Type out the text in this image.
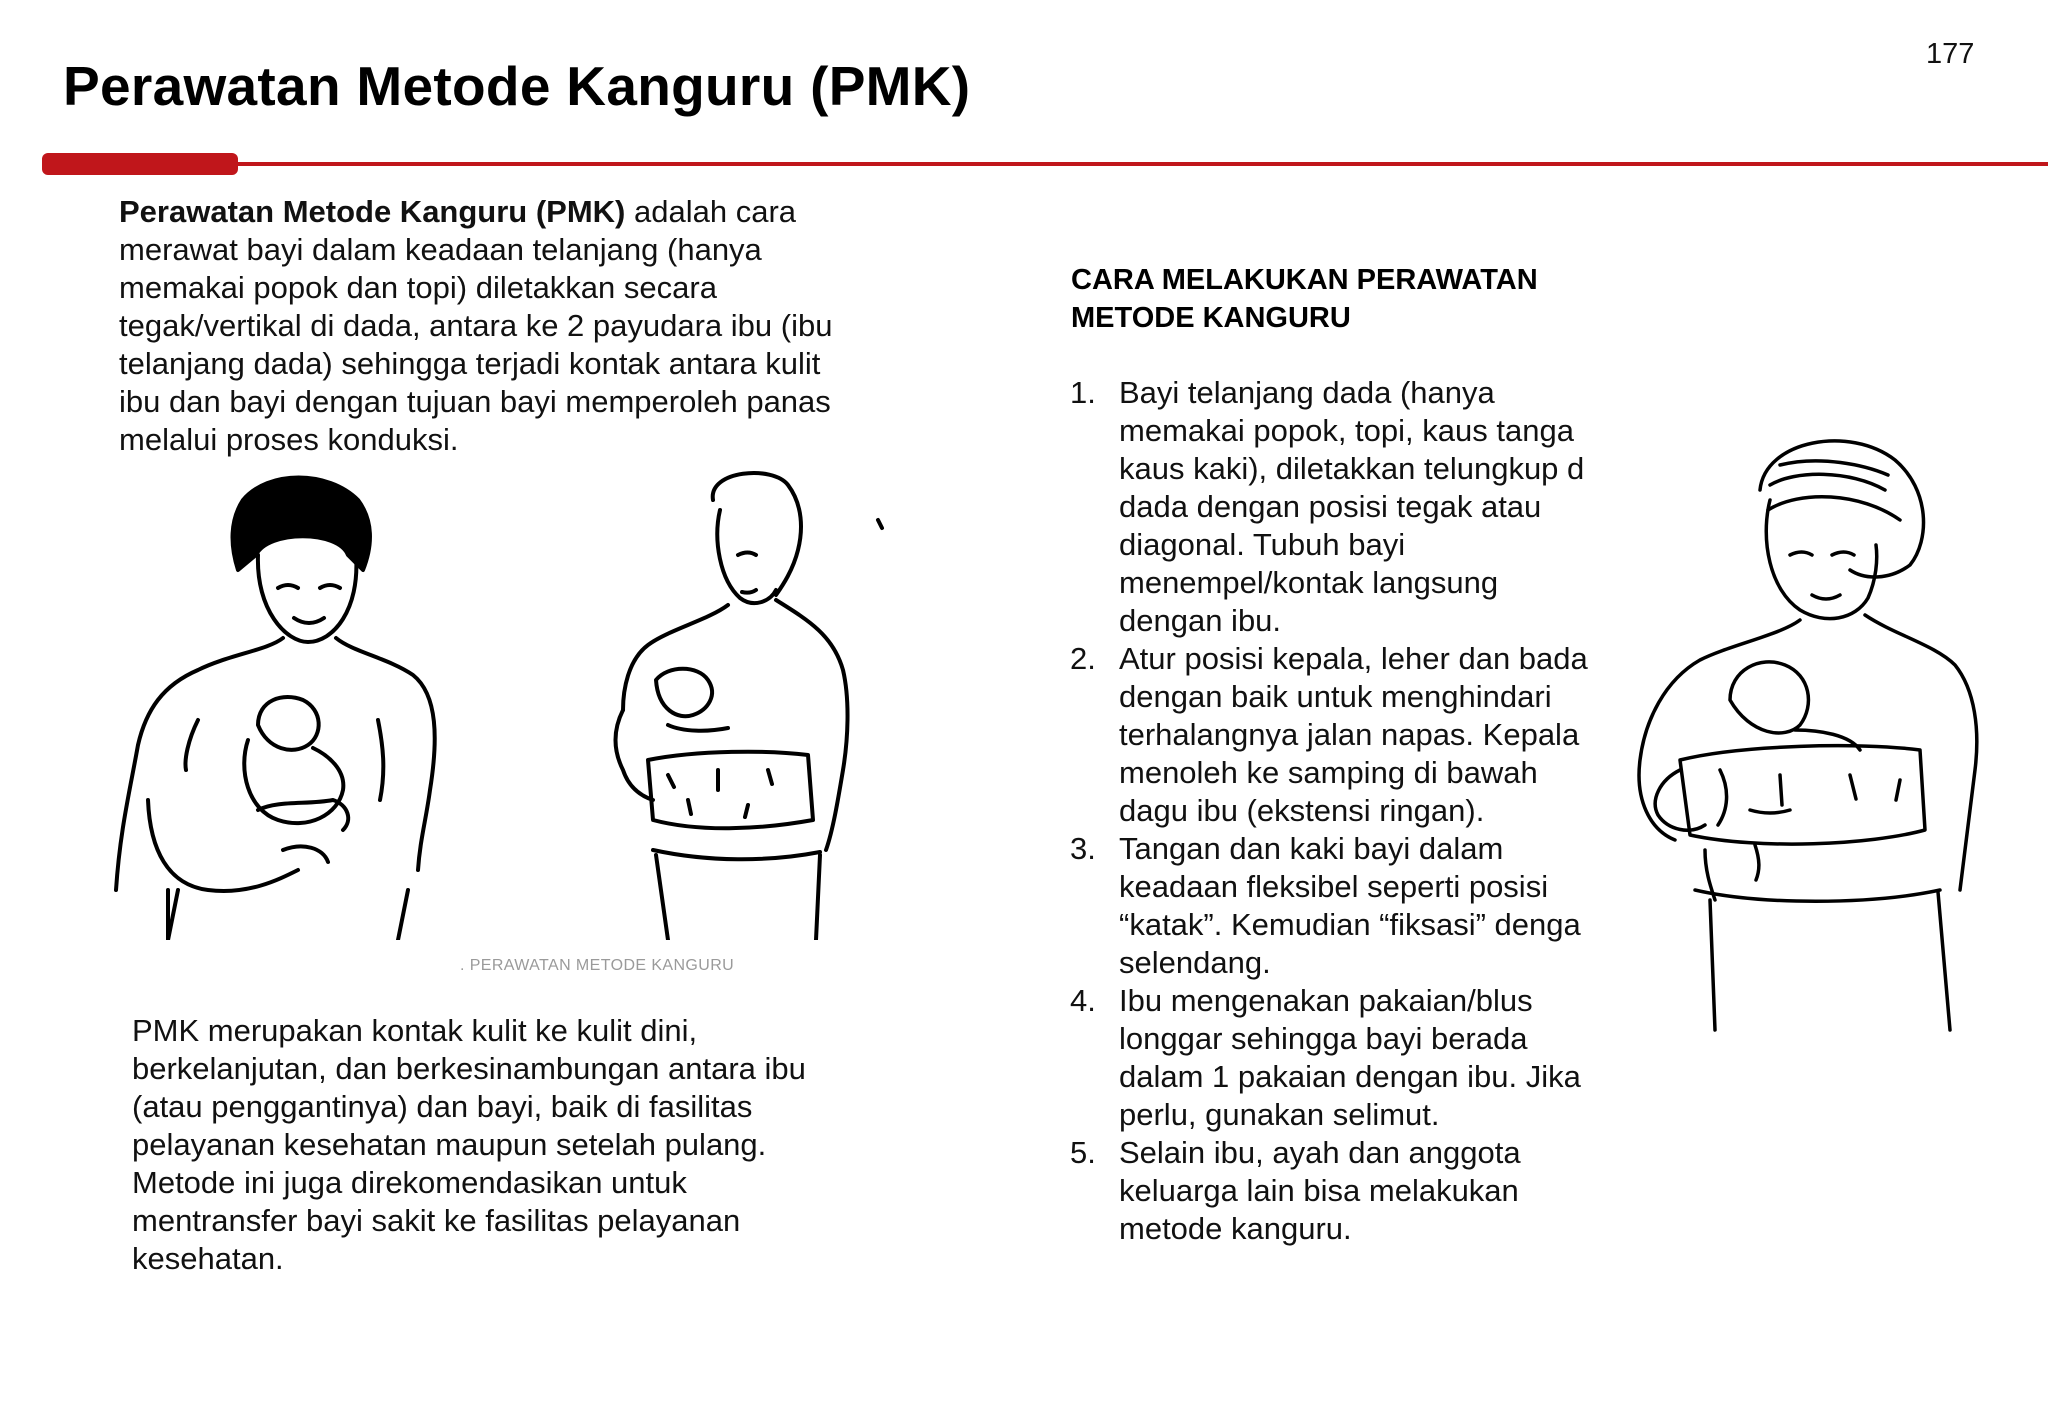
177
Perawatan Metode Kanguru (PMK)

Perawatan Metode Kanguru (PMK) adalah cara
merawat bayi dalam keadaan telanjang (hanya
memakai popok dan topi) diletakkan secara
tegak/vertikal di dada, antara ke 2 payudara ibu (ibu
telanjang dada) sehingga terjadi kontak antara kulit
ibu dan bayi dengan tujuan bayi memperoleh panas
melalui proses konduksi.

. PERAWATAN METODE KANGURU

PMK merupakan kontak kulit ke kulit dini,
berkelanjutan, dan berkesinambungan antara ibu
(atau penggantinya) dan bayi, baik di fasilitas
pelayanan kesehatan maupun setelah pulang.
Metode ini juga direkomendasikan untuk
mentransfer bayi sakit ke fasilitas pelayanan
kesehatan.

CARA MELAKUKAN PERAWATAN
METODE KANGURU
1. Bayi telanjang dada (hanya
memakai popok, topi, kaus tanga
kaus kaki), diletakkan telungkup d
dada dengan posisi tegak atau
diagonal. Tubuh bayi
menempel/kontak langsung
dengan ibu.
2. Atur posisi kepala, leher dan bada
dengan baik untuk menghindari
terhalangnya jalan napas. Kepala
menoleh ke samping di bawah
dagu ibu (ekstensi ringan).
3. Tangan dan kaki bayi dalam
keadaan fleksibel seperti posisi
“katak”. Kemudian “fiksasi” denga
selendang.
4. Ibu mengenakan pakaian/blus
longgar sehingga bayi berada
dalam 1 pakaian dengan ibu. Jika
perlu, gunakan selimut.
5. Selain ibu, ayah dan anggota
keluarga lain bisa melakukan
metode kanguru.
